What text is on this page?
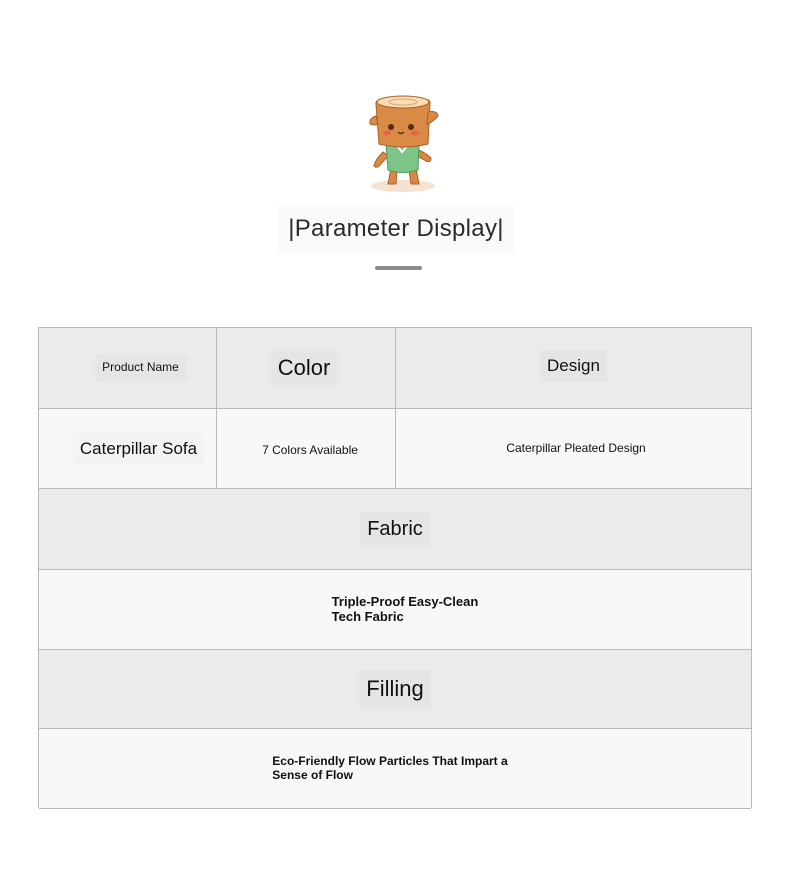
|Parameter Display|
Product Name	Color	Design
Caterpillar Sofa	7 Colors Available	Caterpillar Pleated Design
Fabric
Triple-Proof Easy-Clean
Tech Fabric
Filling
Eco-Friendly Flow Particles That Impart a
Sense of Flow
